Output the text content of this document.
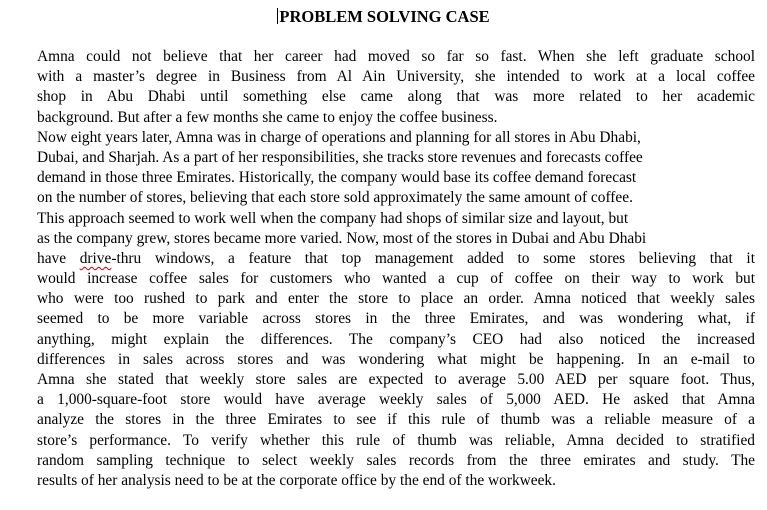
PROBLEM SOLVING CASE
Amna could not believe that her career had moved so far so fast. When she left graduate school
with a master’s degree in Business from Al Ain University, she intended to work at a local coffee
shop in Abu Dhabi until something else came along that was more related to her academic
background. But after a few months she came to enjoy the coffee business.
Now eight years later, Amna was in charge of operations and planning for all stores in Abu Dhabi,
Dubai, and Sharjah. As a part of her responsibilities, she tracks store revenues and forecasts coffee
demand in those three Emirates. Historically, the company would base its coffee demand forecast
on the number of stores, believing that each store sold approximately the same amount of coffee.
This approach seemed to work well when the company had shops of similar size and layout, but
as the company grew, stores became more varied. Now, most of the stores in Dubai and Abu Dhabi
have drive-thru windows, a feature that top management added to some stores believing that it
would increase coffee sales for customers who wanted a cup of coffee on their way to work but
who were too rushed to park and enter the store to place an order. Amna noticed that weekly sales
seemed to be more variable across stores in the three Emirates, and was wondering what, if
anything, might explain the differences. The company’s CEO had also noticed the increased
differences in sales across stores and was wondering what might be happening. In an e-mail to
Amna she stated that weekly store sales are expected to average 5.00 AED per square foot. Thus,
a 1,000-square-foot store would have average weekly sales of 5,000 AED. He asked that Amna
analyze the stores in the three Emirates to see if this rule of thumb was a reliable measure of a
store’s performance. To verify whether this rule of thumb was reliable, Amna decided to stratified
random sampling technique to select weekly sales records from the three emirates and study. The
results of her analysis need to be at the corporate office by the end of the workweek.
